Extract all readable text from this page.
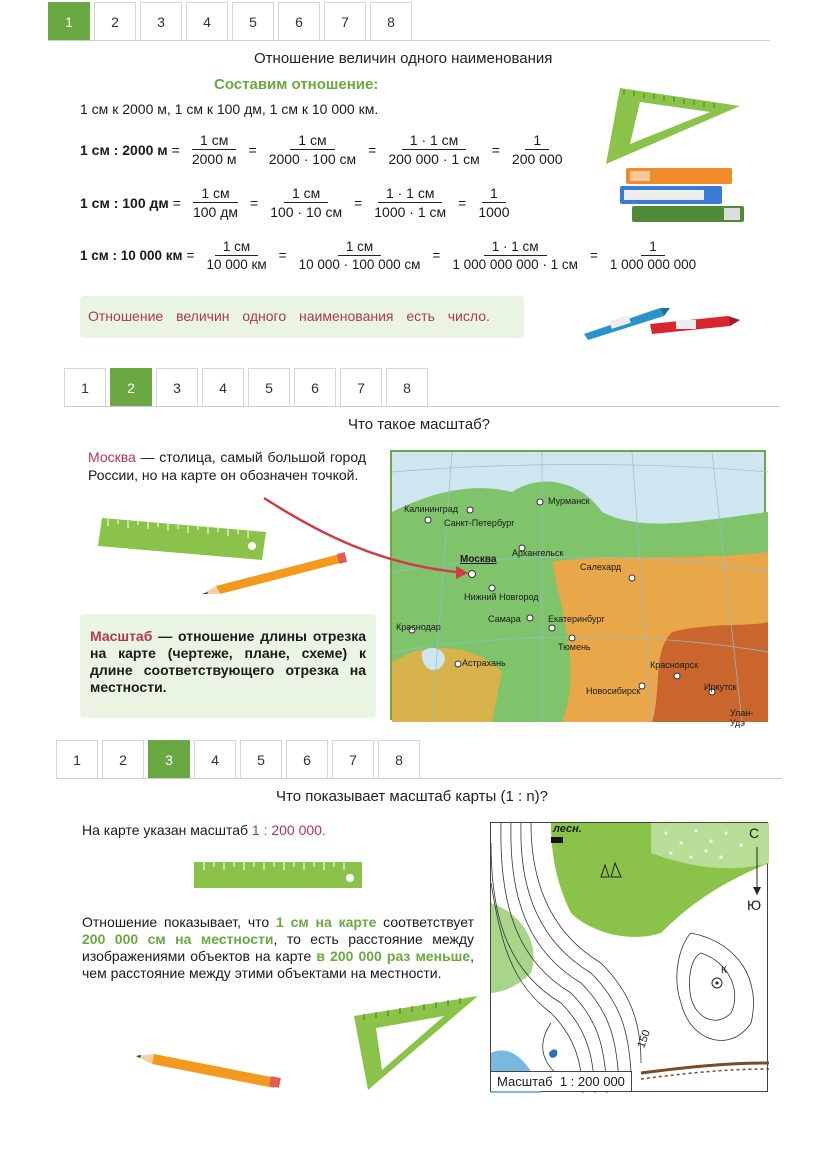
1	2	3	4	5	6	7	8
Отношение величин одного наименования
Составим отношение:
1 см к 2000 м, 1 см к 100 дм, 1 см к 10 000 км.
1 см : 2000 $м = \frac{1 см}{2000 м} = \frac{1 см}{2000 \cdot 100 см} = \frac{1 \cdot 1 см}{200 000 \cdot 1 см} = \frac{1}{200 000}$
1 см : 100 дм = $\frac{1 см}{100 дм} = \frac{1 см}{100 \cdot 10 см} = \frac{1 \cdot 1 см}{1000 \cdot 1 см} = \frac{1}{1000}$
1 см : 10 000 км = $\frac{1 см}{10 000 км} = \frac{1 см}{10 000 \cdot 100 000 см} = \frac{1 \cdot 1 см}{1 000 000 000 \cdot 1 см} = \frac{1}{1 000 000 000}$
Отношение величин одного наименования есть число.
1	2	3	4	5	6	7	8
Что такое масштаб?
Москва — столица, самый большой город России, но на карте он обозначен точкой.
Масштаб — отношение длины отрезка на карте (чертеже, плане, схеме) к длине соответствующего отрезка на местности.
Калининград
Санкт-Петербург
Мурманск
Архангельск
Москва
Нижний Новгород
Салехард
Самара	Екатеринбург
Тюмень
Краснодар
Астрахань	Красноярск
Иркутск
Новосибирск
Улан-Удэ
1	2	3	4	5	6	7	8
Что показывает масштаб карты (1 : n)?
На карте указан масштаб 1 : 200 000.
Отношение показывает, что 1 см на карте соответствует 200 000 см на местности, то есть расстояние между изображениями объектов на карте в 200 000 раз меньше, чем расстояние между этими объектами на местности.
лесн.	С
Ю
К
150
Масштаб  1 : 200 000
